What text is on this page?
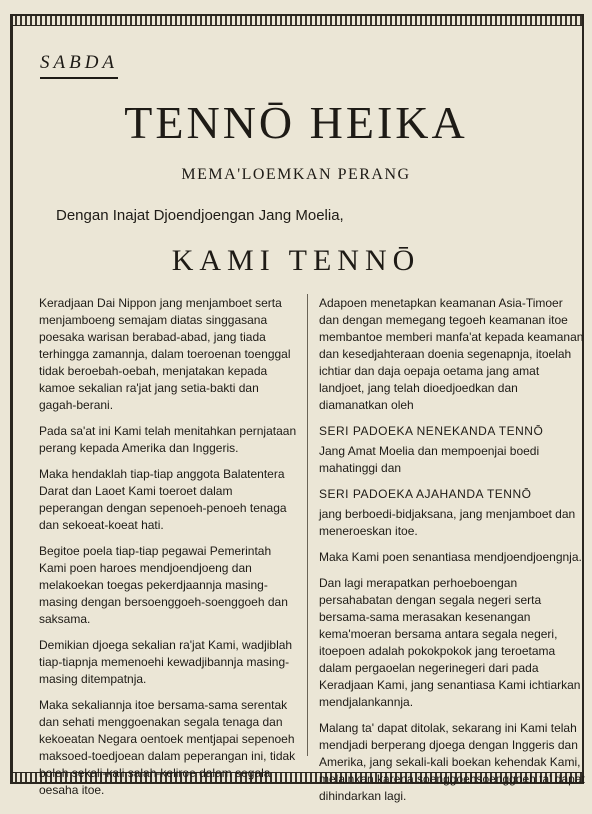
SABDA
TENNŌ HEIKA
MEMA'LOEMKAN PERANG
Dengan Inajat Djoendjoengan Jang Moelia,
KAMI TENNŌ

Keradjaan Dai Nippon jang menjamboet serta menjamboeng semajam diatas singgasana poesaka warisan berabad-abad, jang tiada terhingga zamannja, dalam toeroenan toenggal tidak beroebah-oebah, menjatakan kepada kamoe sekalian ra'jat jang setia-bakti dan gagah-berani.

Pada sa'at ini Kami telah menitahkan pernjataan perang kepada Amerika dan Inggeris.

Maka hendaklah tiap-tiap anggota Balatentera Darat dan Laoet Kami toeroet dalam peperangan dengan sepenoeh-penoeh tenaga dan sekoeat-koeat hati.

Begitoe poela tiap-tiap pegawai Pemerintah Kami poen haroes mendjoendjoeng dan melakoekan toegas pekerdjaannja masing-masing dengan bersoenggoeh-soenggoeh dan saksama.

Demikian djoega sekalian ra'jat Kami, wadjiblah tiap-tiapnja memenoehi kewadjibannja masing-masing ditempatnja.

Maka sekaliannja itoe bersama-sama serentak dan sehati menggoenakan segala tenaga dan kekoeatan Negara oentoek mentjapai sepenoeh maksoed-toedjoean dalam peperangan ini, tidak boleh sekali-kali salah-keliroe dalam segala oesaha itoe.

Adapoen menetapkan keamanan Asia-Timoer dan dengan memegang tegoeh keamanan itoe membantoe memberi manfa'at kepada keamanan dan kesedjahteraan doenia segenapnja, itoelah ichtiar dan daja oepaja oetama jang amat landjoet, jang telah dioedjoedkan dan diamanatkan oleh

SERI PADOEKA NENEKANDA TENNŌ

Jang Amat Moelia dan mempoenjai boedi mahatinggi dan

SERI PADOEKA AJAHANDA TENNŌ

jang berboedi-bidjaksana, jang menjamboet dan meneroeskan itoe.

Maka Kami poen senantiasa mendjoendjoengnja.

Dan lagi merapatkan perhoeboengan persahabatan dengan segala negeri serta bersama-sama merasakan kesenangan kema'moeran bersama antara segala negeri, itoepoen adalah pokokpokok jang teroetama dalam pergaoelan negerinegeri dari pada Keradjaan Kami, jang senantiasa Kami ichtiarkan mendjalankannja.

Malang ta' dapat ditolak, sekarang ini Kami telah mendjadi berperang djoega dengan Inggeris dan Amerika, jang sekali-kali boekan kehendak Kami, melainkan karena soenggoehsoenggoeh ta' dapat dihindarkan lagi.
